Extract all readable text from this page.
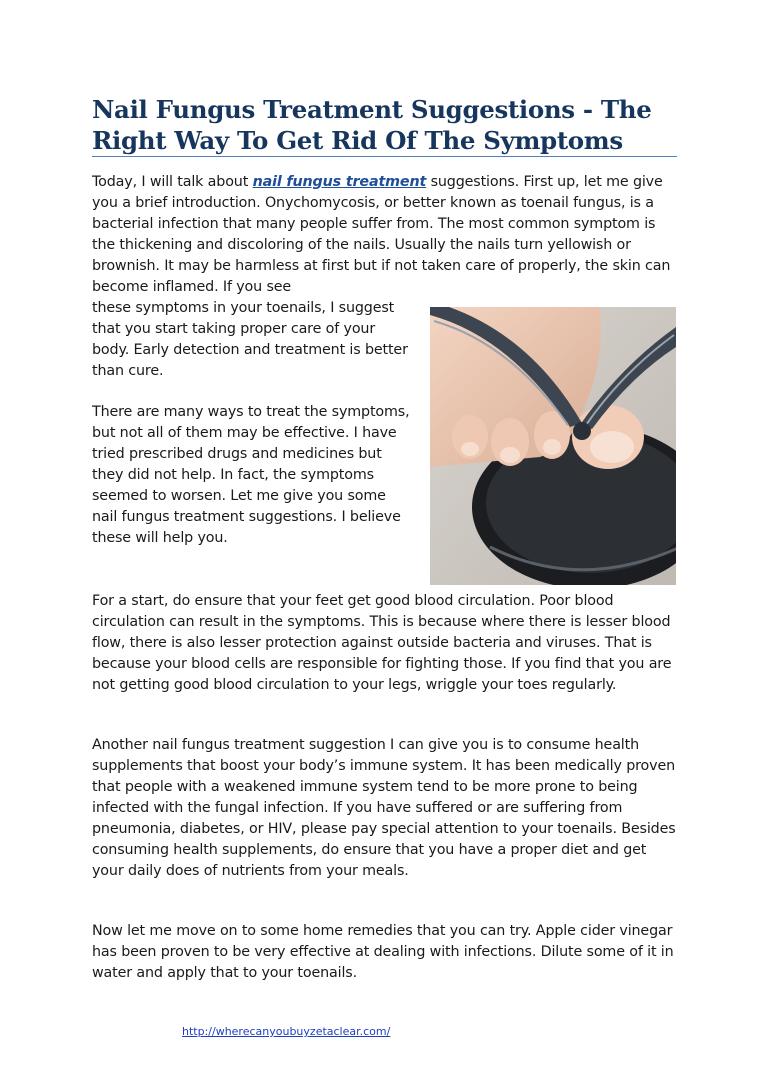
Nail Fungus Treatment Suggestions - The Right Way To Get Rid Of The Symptoms

Today, I will talk about nail fungus treatment suggestions. First up, let me give you a brief introduction. Onychomycosis, or better known as toenail fungus, is a bacterial infection that many people suffer from. The most common symptom is the thickening and discoloring of the nails. Usually the nails turn yellowish or brownish. It may be harmless at first but if not taken care of properly, the skin can become inflamed. If you see

these symptoms in your toenails, I suggest that you start taking proper care of your body. Early detection and treatment is better than cure.

There are many ways to treat the symptoms, but not all of them may be effective. I have tried prescribed drugs and medicines but they did not help. In fact, the symptoms seemed to worsen. Let me give you some nail fungus treatment suggestions. I believe these will help you.

For a start, do ensure that your feet get good blood circulation. Poor blood circulation can result in the symptoms. This is because where there is lesser blood flow, there is also lesser protection against outside bacteria and viruses. That is because your blood cells are responsible for fighting those. If you find that you are not getting good blood circulation to your legs, wriggle your toes regularly.

Another nail fungus treatment suggestion I can give you is to consume health supplements that boost your body’s immune system. It has been medically proven that people with a weakened immune system tend to be more prone to being infected with the fungal infection. If you have suffered or are suffering from pneumonia, diabetes, or HIV, please pay special attention to your toenails. Besides consuming health supplements, do ensure that you have a proper diet and get your daily does of nutrients from your meals.

Now let me move on to some home remedies that you can try. Apple cider vinegar has been proven to be very effective at dealing with infections. Dilute some of it in water and apply that to your toenails.

http://wherecanyoubuyzetaclear.com/
